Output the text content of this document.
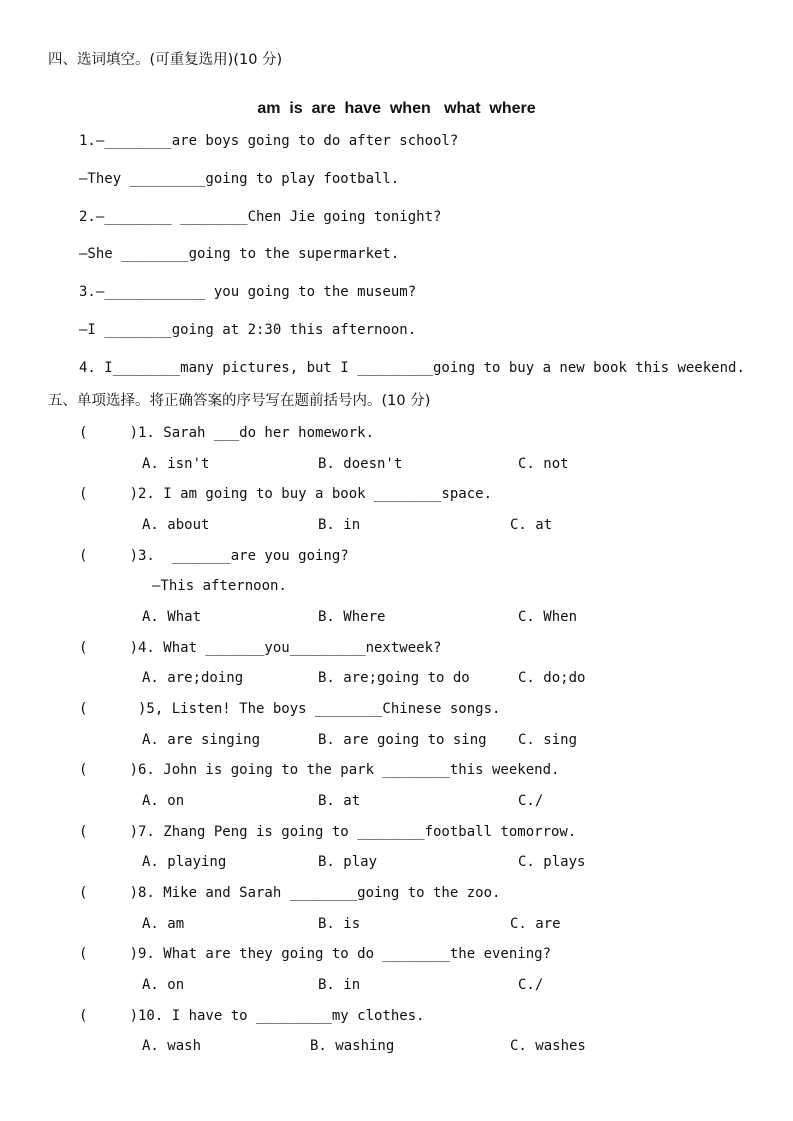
四、选词填空。(可重复选用)(10 分)
am  is  are  have  when   what  where
1.—________are boys going to do after school?
—They _________going to play football.
2.—________ ________Chen Jie going tonight?
—She ________going to the supermarket.
3.—____________ you going to the museum?
—I ________going at 2:30 this afternoon.
4. I________many pictures, but I _________going to buy a new book this weekend.
五、单项选择。将正确答案的序号写在题前括号内。(10 分)
(     )1. Sarah ___do her homework.
A. isn't	B. doesn't	C. not
(     )2. I am going to buy a book ________space.
A. about	B. in	C. at
(     )3.  _______are you going?
—This afternoon.
A. What	B. Where	C. When
(     )4. What _______you_________nextweek?
A. are;doing	B. are;going to do	C. do;do
(      )5, Listen! The boys ________Chinese songs.
A. are singing	B. are going to sing C. sing
(     )6. John is going to the park ________this weekend.
A. on	B. at	C./
(     )7. Zhang Peng is going to ________football tomorrow.
A. playing	B. play	C. plays
(     )8. Mike and Sarah ________going to the zoo.
A. am	B. is	C. are
(     )9. What are they going to do ________the evening?
A. on	B. in	C./
(     )10. I have to _________my clothes.
A. wash	B. washing	C. washes
